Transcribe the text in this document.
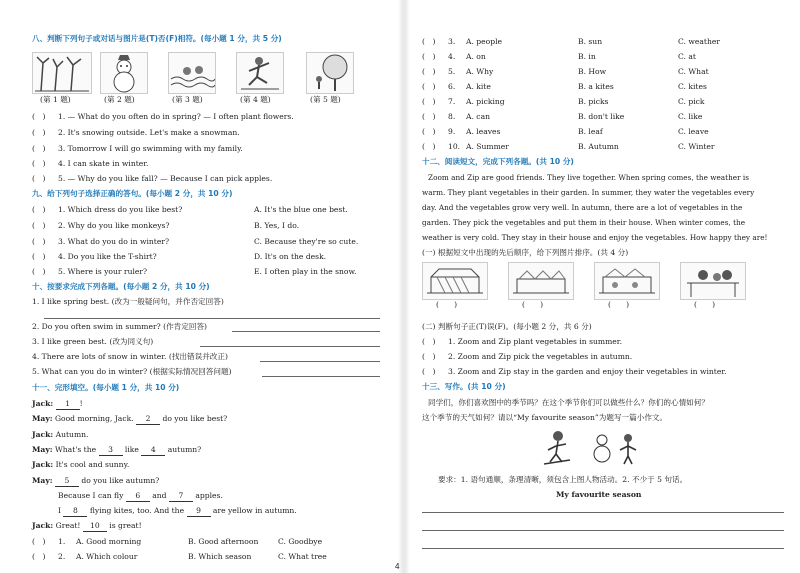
八、判断下列句子或对话与图片是(T)否(F)相符。(每小题 1 分，共 5 分)
(第 1 题)	(第 2 题)	(第 3 题)	(第 4 题)	(第 5 题)
(　) 1. — What do you often do in spring? — I often plant flowers.
(　) 2. It's snowing outside. Let's make a snowman.
(　) 3. Tomorrow I will go swimming with my family.
(　) 4. I can skate in winter.
(　) 5. — Why do you like fall? — Because I can pick apples.
九、给下列句子选择正确的答句。(每小题 2 分，共 10 分)
(　) 1. Which dress do you like best?	A. It's the blue one best.
(　) 2. Why do you like monkeys?	B. Yes, I do.
(　) 3. What do you do in winter?	C. Because they're so cute.
(　) 4. Do you like the T-shirt?	D. It's on the desk.
(　) 5. Where is your ruler?	E. I often play in the snow.
十、按要求完成下列各题。(每小题 2 分，共 10 分)
1. I like spring best. (改为一般疑问句，并作否定回答)
2. Do you often swim in summer? (作肯定回答)
3. I like green best. (改为同义句)
4. There are lots of snow in winter. (找出错误并改正)
5. What can you do in winter? (根据实际情况回答问题)
十一、完形填空。(每小题 1 分，共 10 分)
Jack: 1 !
May: Good morning, Jack. 2 do you like best?
Jack: Autumn.
May: What's the 3 like 4 autumn?
Jack: It's cool and sunny.
May: 5 do you like autumn?
Because I can fly 6 and 7 apples.
I 8 flying kites, too. And the 9 are yellow in autumn.
Jack: Great! 10 is great!
(　) 1. A. Good morning	B. Good afternoon	C. Goodbye
(　) 2. A. Which colour	B. Which season	C. What tree
(　) 3. A. people	B. sun	C. weather
(　) 4. A. on	B. in	C. at
(　) 5. A. Why	B. How	C. What
(　) 6. A. kite	B. a kites	C. kites
(　) 7. A. picking	B. picks	C. pick
(　) 8. A. can	B. don't like	C. like
(　) 9. A. leaves	B. leaf	C. leave
(　) 10. A. Summer	B. Autumn	C. Winter
十二、阅读短文，完成下列各题。(共 10 分)
Zoom and Zip are good friends. They live together. When spring comes, the weather is
warm. They plant vegetables in their garden. In summer, they water the vegetables every
day. And the vegetables grow very well. In autumn, there are a lot of vegetables in the
garden. They pick the vegetables and put them in their house. When winter comes, the
weather is very cold. They stay in their house and enjoy the vegetables. How happy they are!
(一) 根据短文中出现的先后顺序，给下列图片排序。(共 4 分)
(　　)	(　　)	(　　)	(　　)
(二) 判断句子正(T)误(F)。(每小题 2 分，共 6 分)
(　) 1. Zoom and Zip plant vegetables in summer.
(　) 2. Zoom and Zip pick the vegetables in autumn.
(　) 3. Zoom and Zip stay in the garden and enjoy their vegetables in winter.
十三、写作。(共 10 分)
同学们，你们喜欢图中的季节吗？在这个季节你们可以做些什么？你们的心情如何？
这个季节的天气如何？请以“My favourite season”为题写一篇小作文。
要求：1. 语句通顺，条理清晰，须包含上图人物活动。2. 不少于 5 句话。
My favourite season
4
